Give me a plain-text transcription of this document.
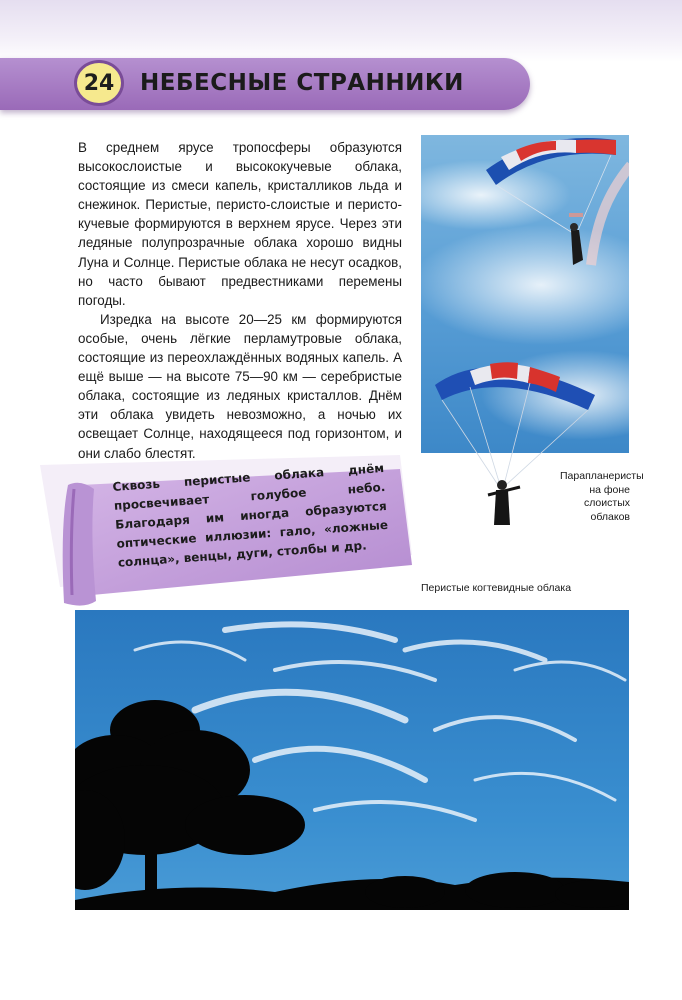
24	НЕБЕСНЫЕ СТРАННИКИ

В среднем ярусе тропосферы образуются высокослоистые и высококучевые облака, состоящие из смеси капель, кристалликов льда и снежинок. Перистые, перисто-слоистые и перисто-кучевые формируются в верхнем ярусе. Через эти ледяные полупрозрачные облака хорошо видны Луна и Солнце. Перистые облака не несут осадков, но часто бывают предвестниками перемены погоды.

Изредка на высоте 20—25 км формируются особые, очень лёгкие перламутровые облака, состоящие из переохлаждённых водяных капель. А ещё выше — на высоте 75—90 км — серебристые облака, состоящие из ледяных кристаллов. Днём эти облака увидеть невозможно, а ночью их освещает Солнце, находящееся под горизонтом, и они слабо блестят.

Парапланеристы на фоне слоистых облаков
Сквозь перистые облака днём просвечивает голубое небо. Благодаря им иногда образуются оптические иллюзии: гало, «ложные солнца», венцы, дуги, столбы и др.
Перистые когтевидные облака
